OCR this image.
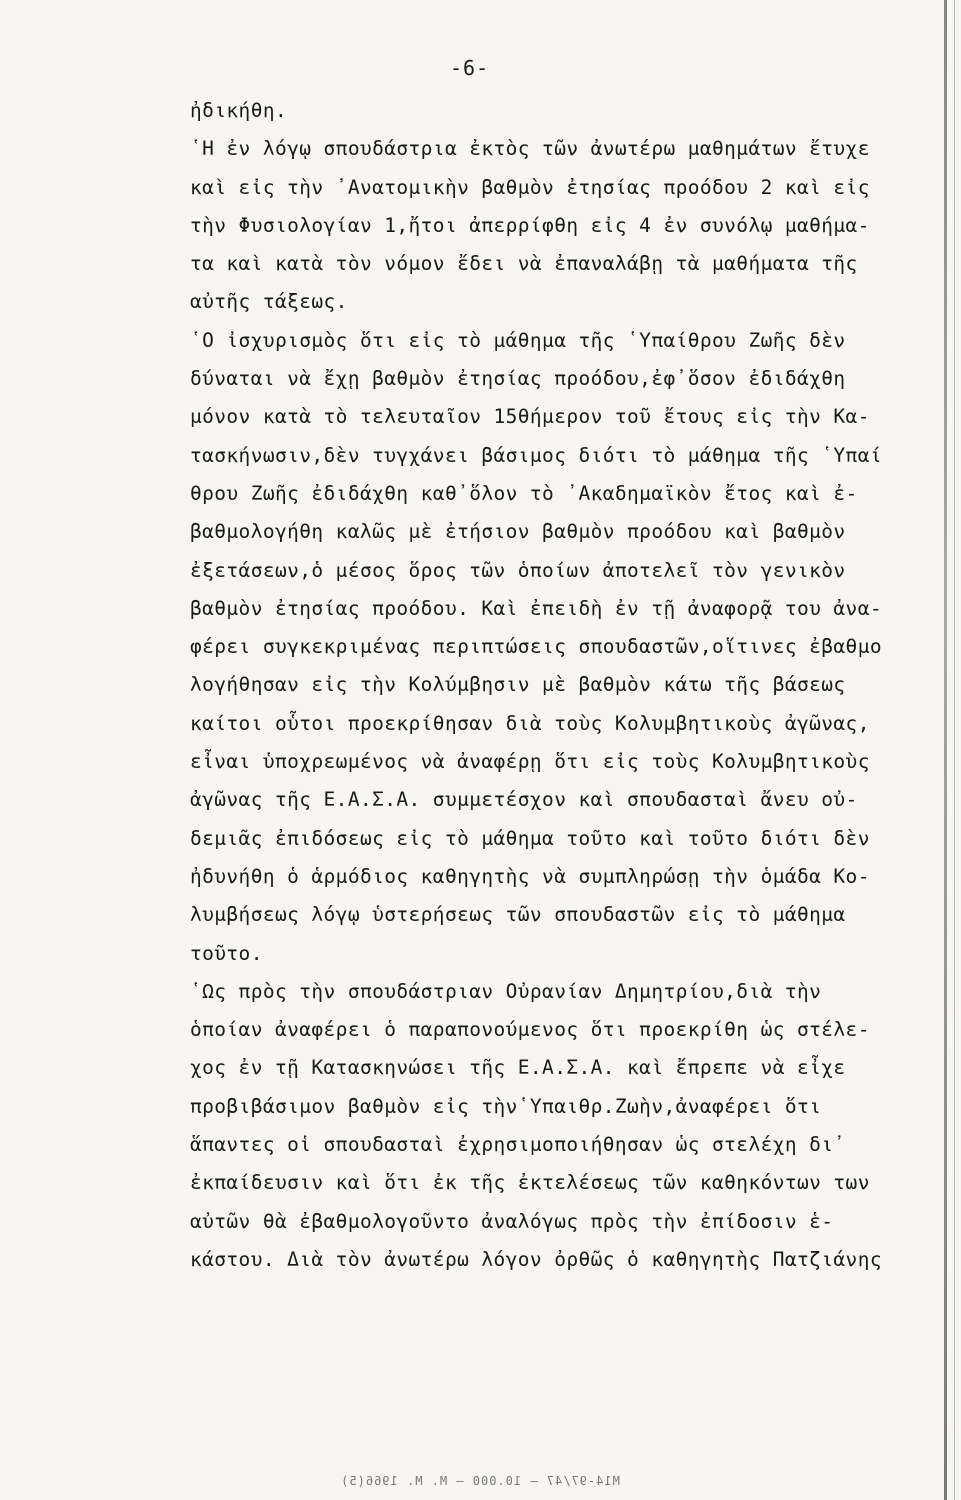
-6-
ἠδικήθη.
῾Η ἐν λόγῳ σπουδάστρια ἐκτὸς τῶν ἀνωτέρω μαθημάτων ἔτυχε
καὶ εἰς τὴν ᾿Ανατομικὴν βαθμὸν ἐτησίας προόδου 2 καὶ εἰς
τὴν Φυσιολογίαν 1,ἤτοι ἀπερρίφθη εἰς 4 ἐν συνόλῳ μαθήμα-
τα καὶ κατὰ τὸν νόμον ἔδει νὰ ἐπαναλάβῃ τὰ μαθήματα τῆς
αὐτῆς τάξεως.
῾Ο ἰσχυρισμὸς ὅτι εἰς τὸ μάθημα τῆς ῾Υπαίθρου Ζωῆς δὲν
δύναται νὰ ἔχῃ βαθμὸν ἐτησίας προόδου,ἐφ᾿ὅσον ἐδιδάχθη
μόνον κατὰ τὸ τελευταῖον 15θήμερον τοῦ ἔτους εἰς τὴν Κα-
τασκήνωσιν,δὲν τυγχάνει βάσιμος διότι τὸ μάθημα τῆς ῾Υπαί
θρου Ζωῆς ἐδιδάχθη καθ᾿ὅλον τὸ ᾿Ακαδημαϊκὸν ἔτος καὶ ἐ-
βαθμολογήθη καλῶς μὲ ἐτήσιον βαθμὸν προόδου καὶ βαθμὸν
ἐξετάσεων,ὁ μέσος ὅρος τῶν ὁποίων ἀποτελεῖ τὸν γενικὸν
βαθμὸν ἐτησίας προόδου. Καὶ ἐπειδὴ ἐν τῇ ἀναφορᾷ του ἀνα-
φέρει συγκεκριμένας περιπτώσεις σπουδαστῶν,οἵτινες ἐβαθμο
λογήθησαν εἰς τὴν Κολύμβησιν μὲ βαθμὸν κάτω τῆς βάσεως
καίτοι οὗτοι προεκρίθησαν διὰ τοὺς Κολυμβητικοὺς ἀγῶνας,
εἶναι ὑποχρεωμένος νὰ ἀναφέρῃ ὅτι εἰς τοὺς Κολυμβητικοὺς
ἀγῶνας τῆς Ε.Α.Σ.Α. συμμετέσχον καὶ σπουδασταὶ ἄνευ οὐ-
δεμιᾶς ἐπιδόσεως εἰς τὸ μάθημα τοῦτο καὶ τοῦτο διότι δὲν
ἠδυνήθη ὁ ἁρμόδιος καθηγητὴς νὰ συμπληρώσῃ τὴν ὁμάδα Κο-
λυμβήσεως λόγῳ ὑστερήσεως τῶν σπουδαστῶν εἰς τὸ μάθημα
τοῦτο.
῾Ως πρὸς τὴν σπουδάστριαν Οὐρανίαν Δημητρίου,διὰ τὴν
ὁποίαν ἀναφέρει ὁ παραπονούμενος ὅτι προεκρίθη ὡς στέλε-
χος ἐν τῇ Κατασκηνώσει τῆς Ε.Α.Σ.Α. καὶ ἔπρεπε νὰ εἶχε
προβιβάσιμον βαθμὸν εἰς τὴν῾Υπαιθρ.Ζωὴν,ἀναφέρει ὅτι
ἅπαντες οἱ σπουδασταὶ ἐχρησιμοποιήθησαν ὡς στελέχη δι᾿
ἐκπαίδευσιν καὶ ὅτι ἐκ τῆς ἐκτελέσεως τῶν καθηκόντων των
αὐτῶν θὰ ἐβαθμολογοῦντο ἀναλόγως πρὸς τὴν ἐπίδοσιν ἑ-
κάστου. Διὰ τὸν ἀνωτέρω λόγον ὀρθῶς ὁ καθηγητὴς Πατζιάνης
Μ14-97/47 — 10.000 — Μ. Μ. 1966(5)
